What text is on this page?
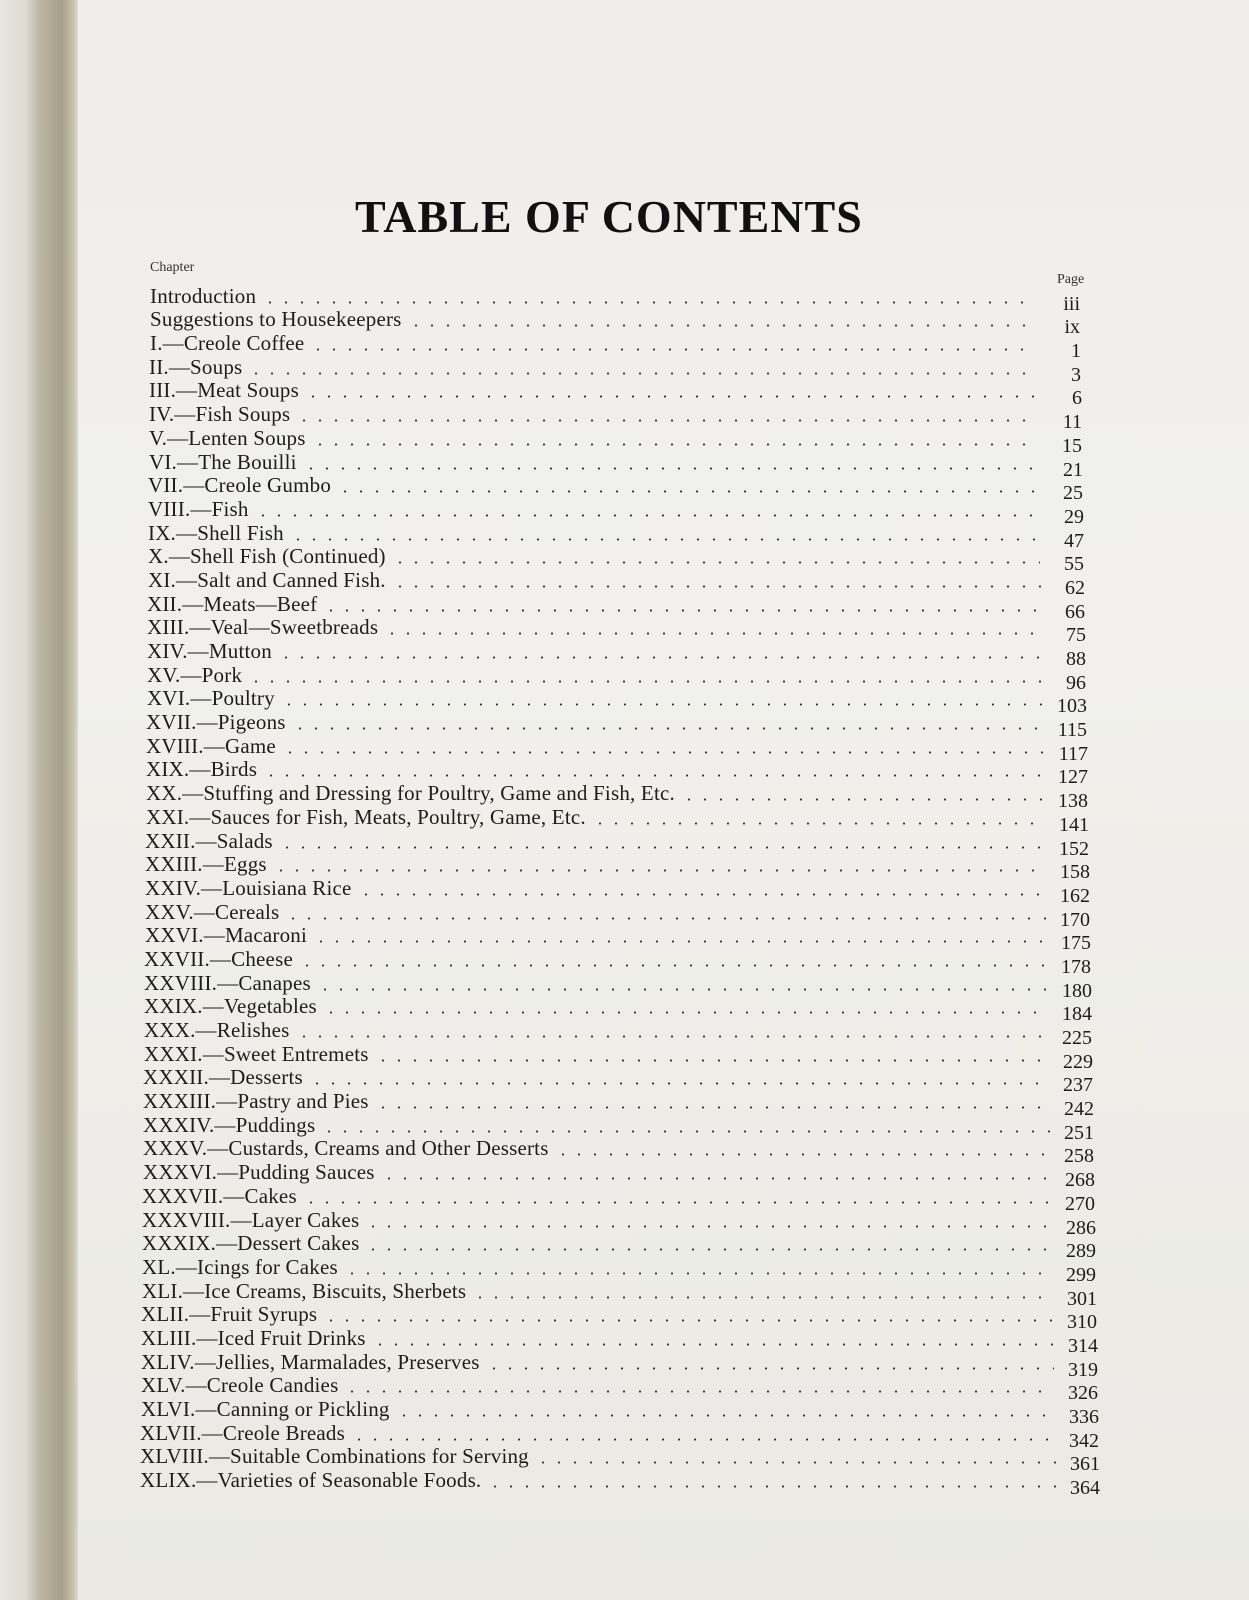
TABLE OF CONTENTS
Chapter
Page
Introduction	iii
Suggestions to Housekeepers	ix
I.—Creole Coffee	1
II.—Soups	3
III.—Meat Soups	6
IV.—Fish Soups	11
V.—Lenten Soups	15
VI.—The Bouilli	21
VII.—Creole Gumbo	25
VIII.—Fish	29
IX.—Shell Fish	47
X.—Shell Fish (Continued)	55
XI.—Salt and Canned Fish.	62
XII.—Meats—Beef	66
XIII.—Veal—Sweetbreads	75
XIV.—Mutton	88
XV.—Pork	96
XVI.—Poultry	103
XVII.—Pigeons	115
XVIII.—Game	117
XIX.—Birds	127
XX.—Stuffing and Dressing for Poultry, Game and Fish, Etc.	138
XXI.—Sauces for Fish, Meats, Poultry, Game, Etc.	141
XXII.—Salads	152
XXIII.—Eggs	158
XXIV.—Louisiana Rice	162
XXV.—Cereals	170
XXVI.—Macaroni	175
XXVII.—Cheese	178
XXVIII.—Canapes	180
XXIX.—Vegetables	184
XXX.—Relishes	225
XXXI.—Sweet Entremets	229
XXXII.—Desserts	237
XXXIII.—Pastry and Pies	242
XXXIV.—Puddings	251
XXXV.—Custards, Creams and Other Desserts	258
XXXVI.—Pudding Sauces	268
XXXVII.—Cakes	270
XXXVIII.—Layer Cakes	286
XXXIX.—Dessert Cakes	289
XL.—Icings for Cakes	299
XLI.—Ice Creams, Biscuits, Sherbets	301
XLII.—Fruit Syrups	310
XLIII.—Iced Fruit Drinks	314
XLIV.—Jellies, Marmalades, Preserves	319
XLV.—Creole Candies	326
XLVI.—Canning or Pickling	336
XLVII.—Creole Breads	342
XLVIII.—Suitable Combinations for Serving	361
XLIX.—Varieties of Seasonable Foods.	364
